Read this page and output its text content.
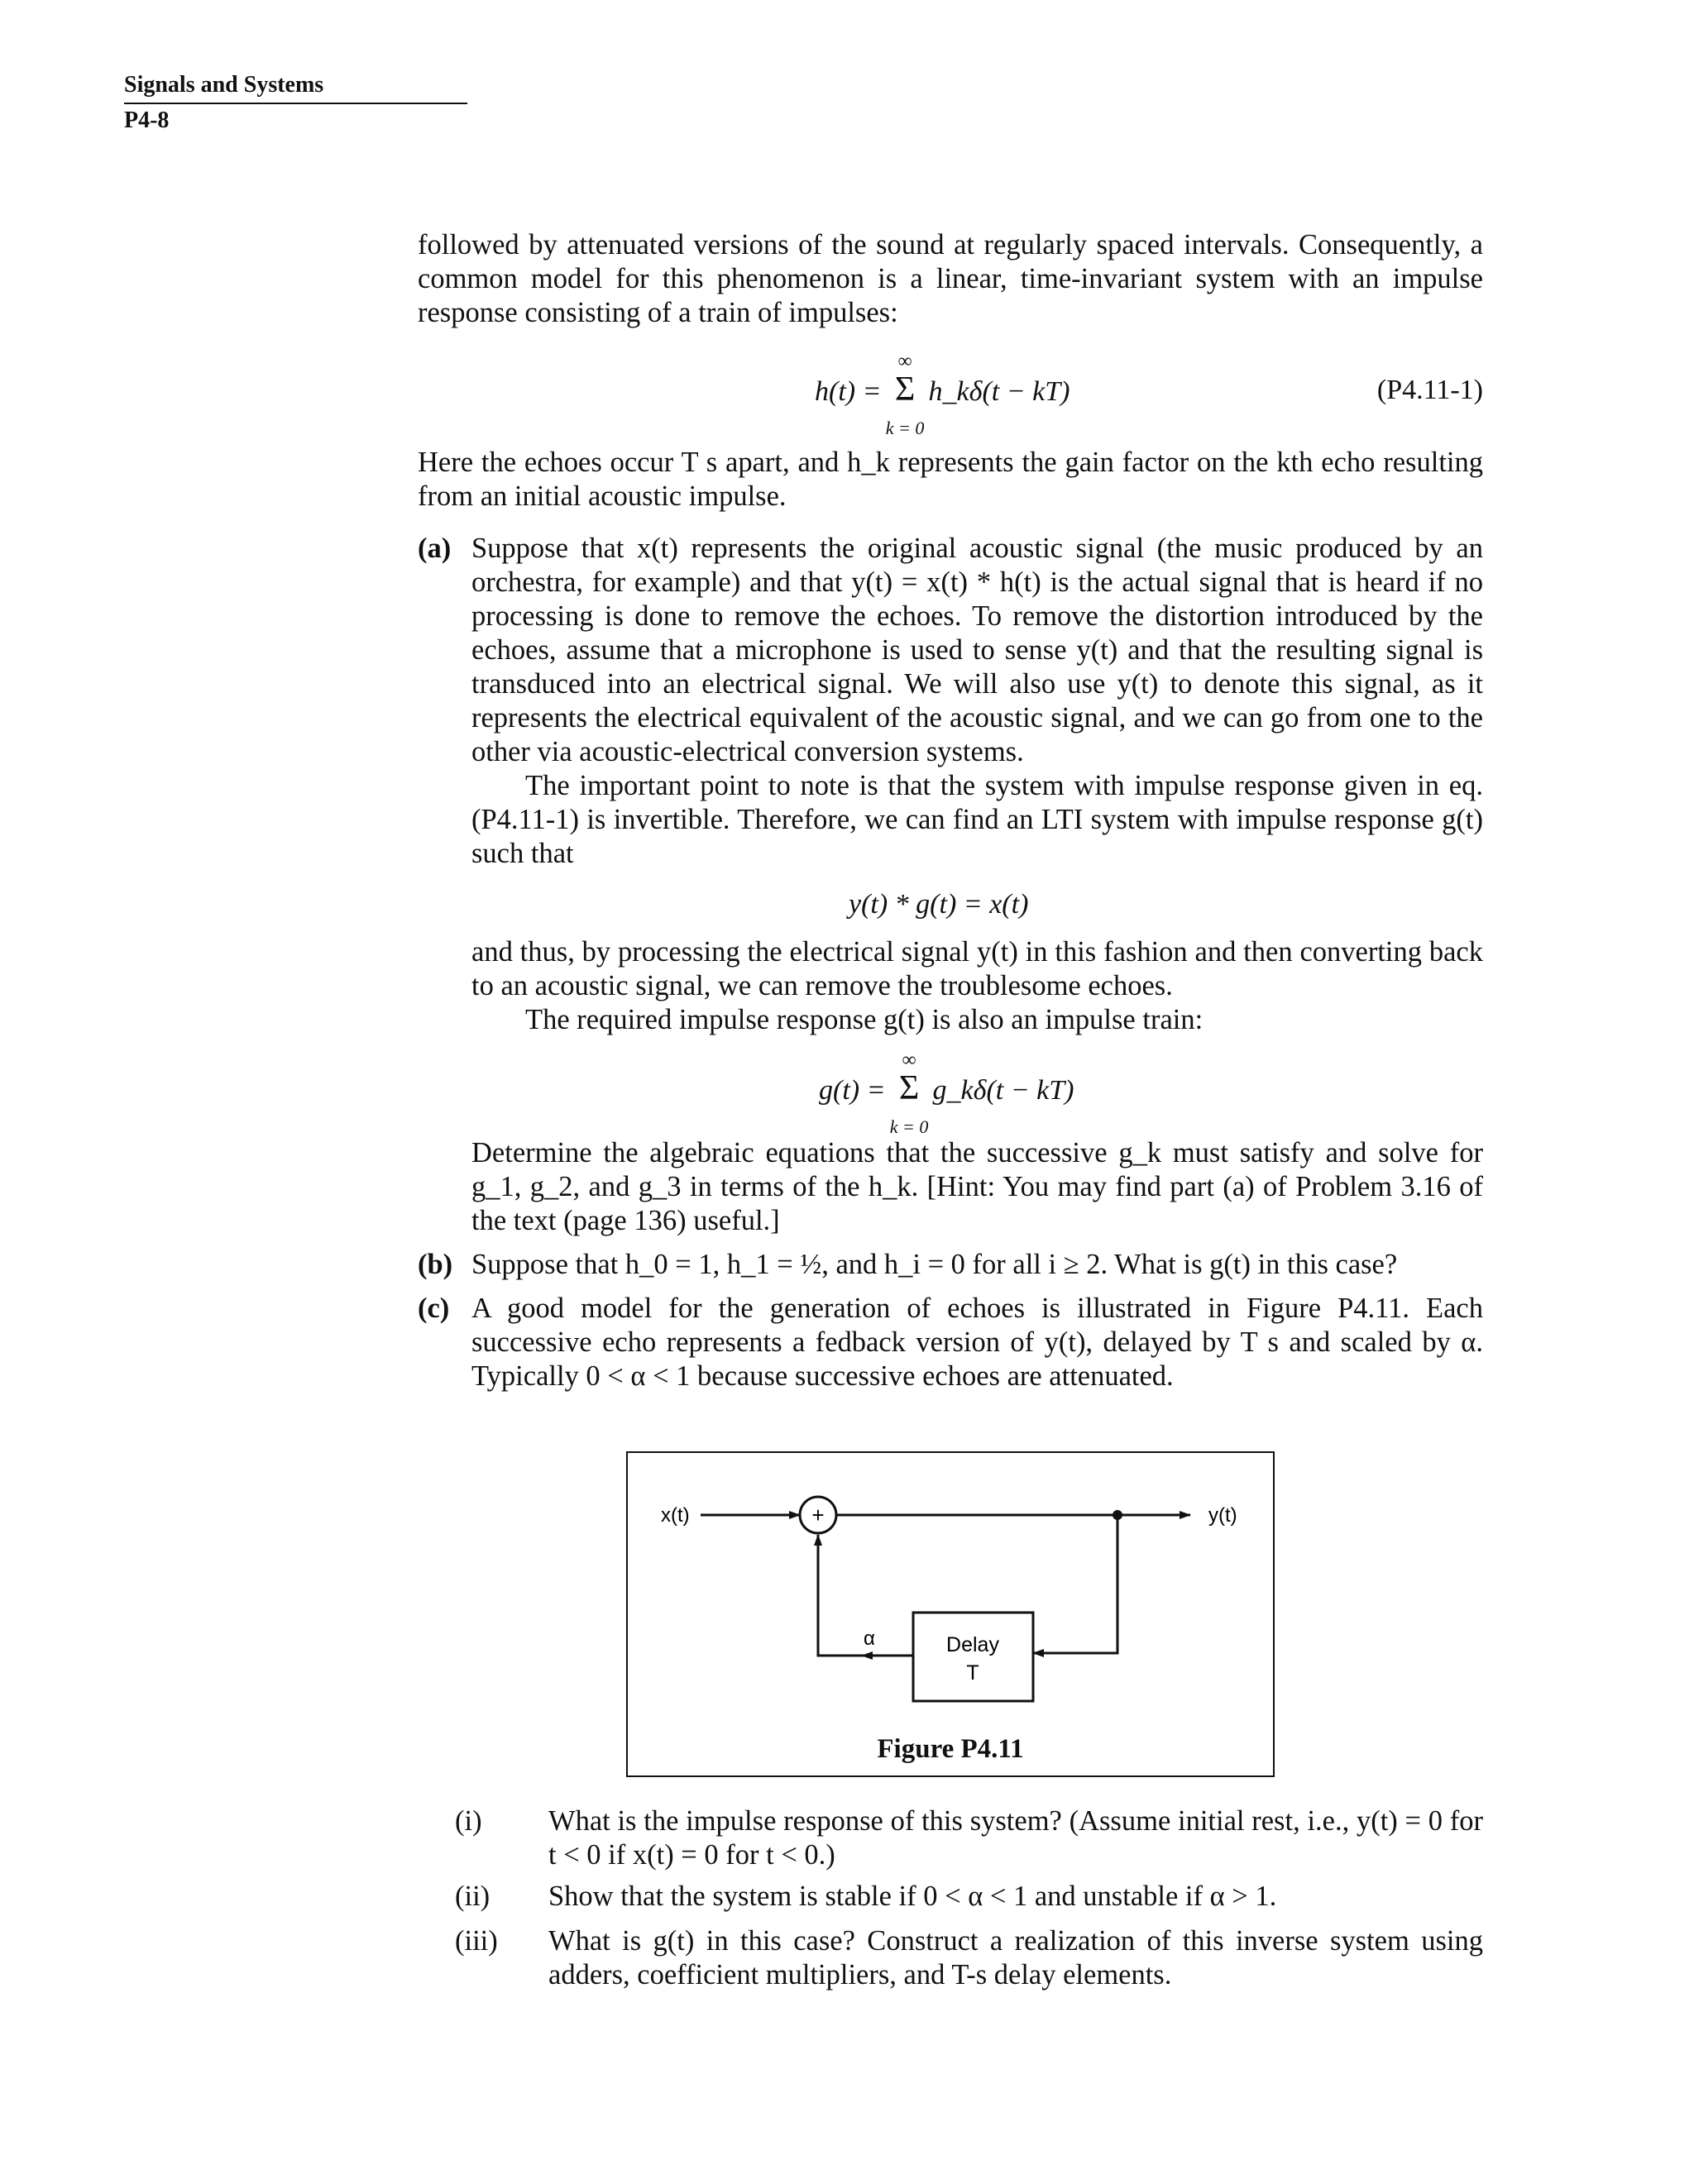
Signals and Systems
P4-8

followed by attenuated versions of the sound at regularly spaced intervals. Consequently, a common model for this phenomenon is a linear, time-invariant system with an impulse response consisting of a train of impulses:

h(t) = Σ
∞
k = 0
h_kδ(t − kT)	(P4.11-1)

Here the echoes occur T s apart, and h_k represents the gain factor on the kth echo resulting from an initial acoustic impulse.

(a) Suppose that x(t) represents the original acoustic signal (the music produced by an orchestra, for example) and that y(t) = x(t) * h(t) is the actual signal that is heard if no processing is done to remove the echoes. To remove the distortion introduced by the echoes, assume that a microphone is used to sense y(t) and that the resulting signal is transduced into an electrical signal. We will also use y(t) to denote this signal, as it represents the electrical equivalent of the acoustic signal, and we can go from one to the other via acoustic-electrical conversion systems.

The important point to note is that the system with impulse response given in eq. (P4.11-1) is invertible. Therefore, we can find an LTI system with impulse response g(t) such that

y(t) * g(t) = x(t)

and thus, by processing the electrical signal y(t) in this fashion and then converting back to an acoustic signal, we can remove the troublesome echoes.

The required impulse response g(t) is also an impulse train:

g(t) = Σ
∞
k = 0
g_kδ(t − kT)

Determine the algebraic equations that the successive g_k must satisfy and solve for g_1, g_2, and g_3 in terms of the h_k. [Hint: You may find part (a) of Problem 3.16 of the text (page 136) useful.]

(b) Suppose that h_0 = 1, h_1 = ½, and h_i = 0 for all i ≥ 2. What is g(t) in this case?

(c) A good model for the generation of echoes is illustrated in Figure P4.11. Each successive echo represents a fedback version of y(t), delayed by T s and scaled by α. Typically 0 < α < 1 because successive echoes are attenuated.

x(t)	+	y(t)
Delay
T
α
Figure P4.11
(i) What is the impulse response of this system? (Assume initial rest, i.e., y(t) = 0 for t < 0 if x(t) = 0 for t < 0.)

(ii) Show that the system is stable if 0 < α < 1 and unstable if α > 1.

(iii) What is g(t) in this case? Construct a realization of this inverse system using adders, coefficient multipliers, and T-s delay elements.
